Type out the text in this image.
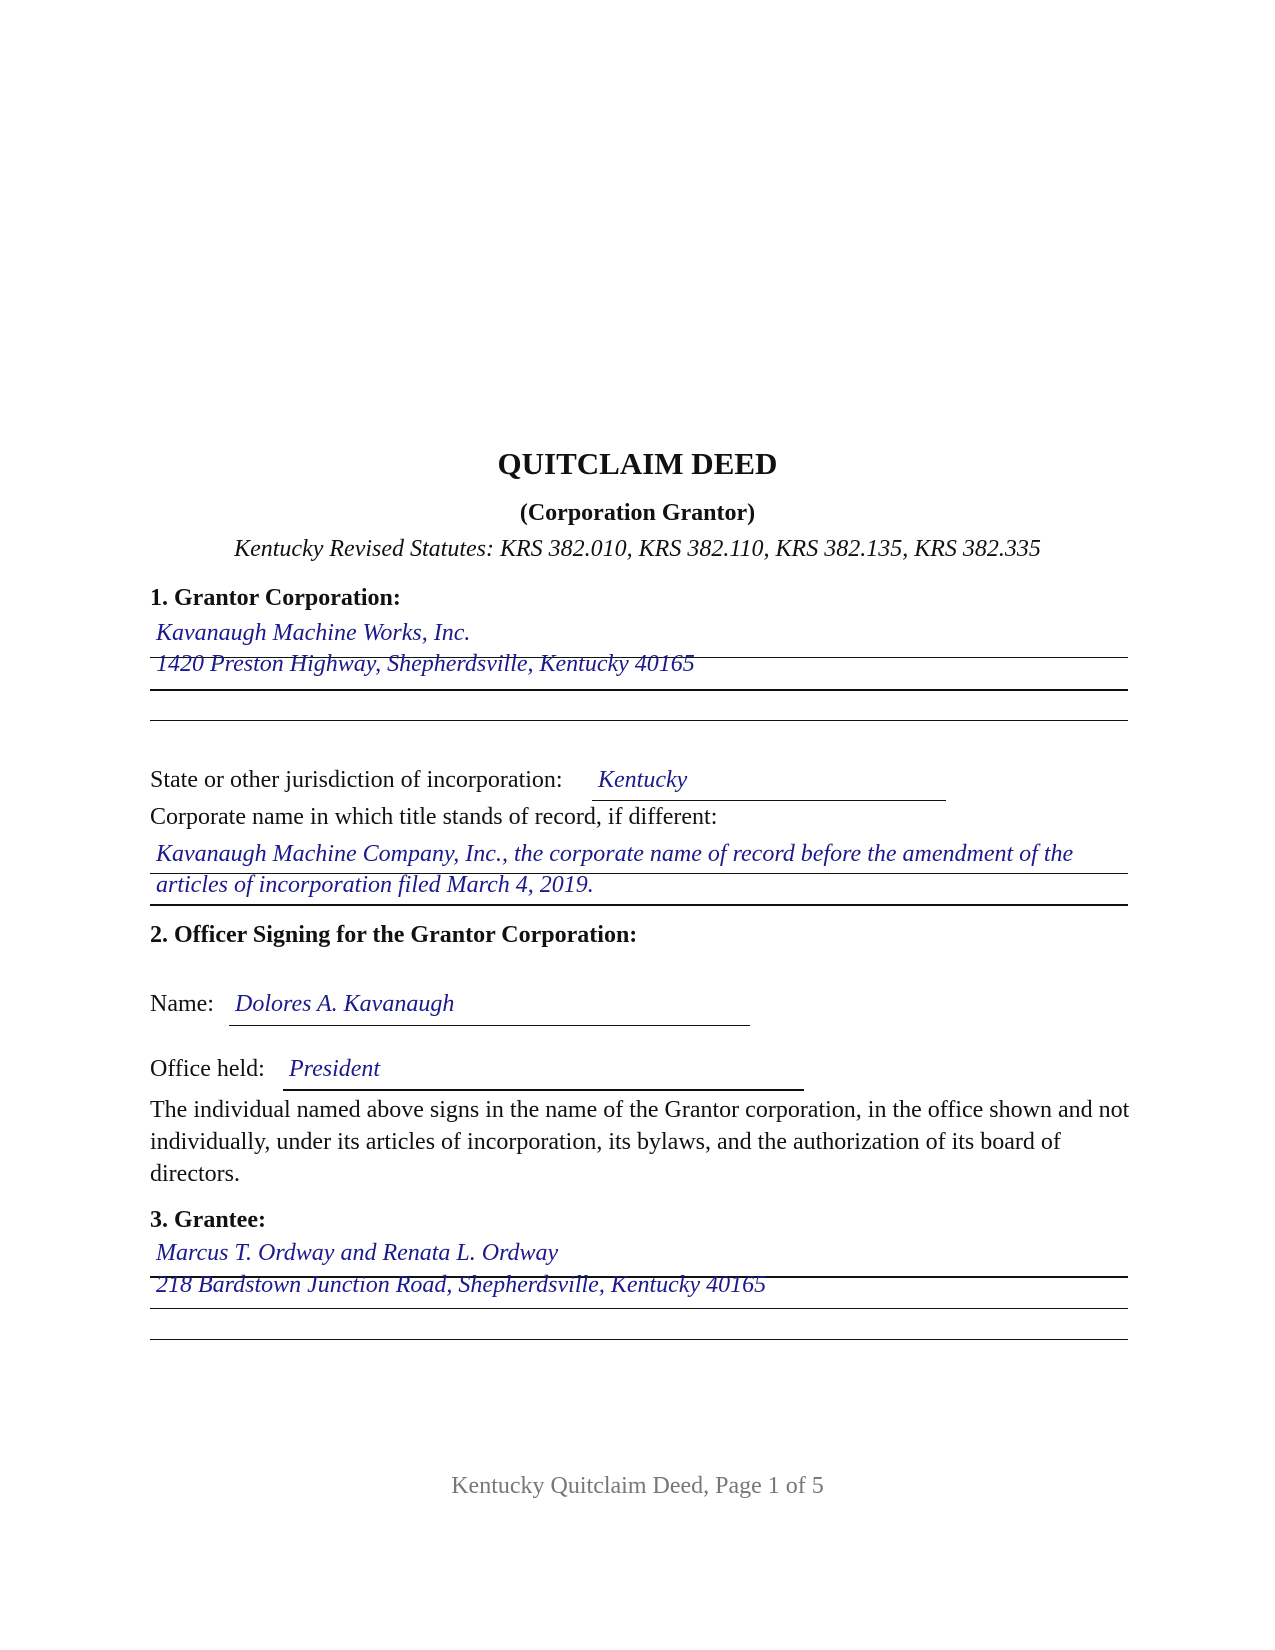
QUITCLAIM DEED
(Corporation Grantor)
Kentucky Revised Statutes: KRS 382.010, KRS 382.110, KRS 382.135, KRS 382.335
1. Grantor Corporation:
Kavanaugh Machine Works, Inc.
1420 Preston Highway, Shepherdsville, Kentucky 40165
State or other jurisdiction of incorporation: Kentucky
Corporate name in which title stands of record, if different:
Kavanaugh Machine Company, Inc., the corporate name of record before the amendment of the
articles of incorporation filed March 4, 2019.
2. Officer Signing for the Grantor Corporation:
Name: Dolores A. Kavanaugh
Office held: President
The individual named above signs in the name of the Grantor corporation, in the office shown and not individually, under its articles of incorporation, its bylaws, and the authorization of its board of directors.
3. Grantee:
Marcus T. Ordway and Renata L. Ordway
218 Bardstown Junction Road, Shepherdsville, Kentucky 40165
Kentucky Quitclaim Deed, Page 1 of 5
